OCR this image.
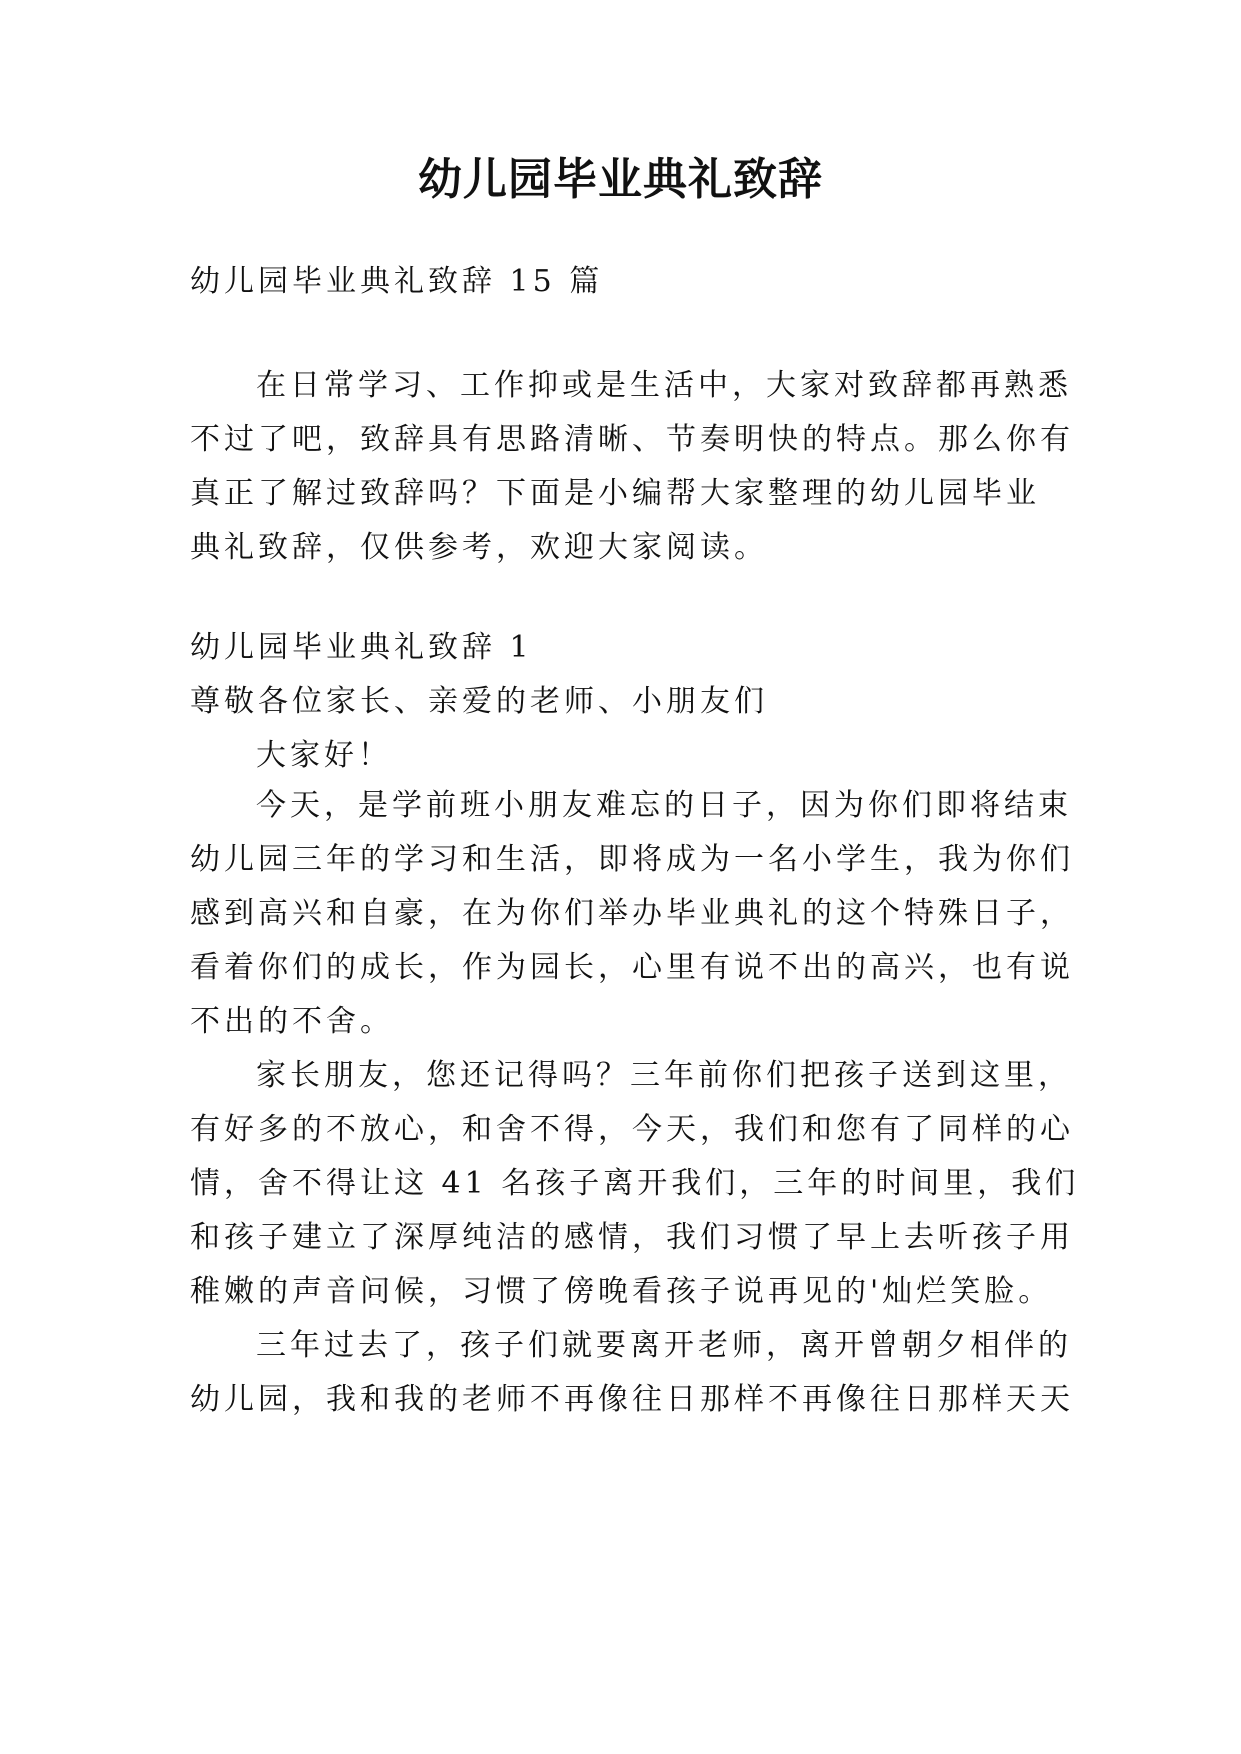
幼儿园毕业典礼致辞
幼儿园毕业典礼致辞 15 篇
在日常学习、工作抑或是生活中，大家对致辞都再熟悉
不过了吧，致辞具有思路清晰、节奏明快的特点。那么你有
真正了解过致辞吗？下面是小编帮大家整理的幼儿园毕业
典礼致辞，仅供参考，欢迎大家阅读。
幼儿园毕业典礼致辞 1
尊敬各位家长、亲爱的老师、小朋友们
大家好！
今天，是学前班小朋友难忘的日子，因为你们即将结束
幼儿园三年的学习和生活，即将成为一名小学生，我为你们
感到高兴和自豪，在为你们举办毕业典礼的这个特殊日子，
看着你们的成长，作为园长，心里有说不出的高兴，也有说
不出的不舍。
家长朋友，您还记得吗？三年前你们把孩子送到这里，
有好多的不放心，和舍不得，今天，我们和您有了同样的心
情，舍不得让这 41 名孩子离开我们，三年的时间里，我们
和孩子建立了深厚纯洁的感情，我们习惯了早上去听孩子用
稚嫩的声音问候，习惯了傍晚看孩子说再见的'灿烂笑脸。
三年过去了，孩子们就要离开老师，离开曾朝夕相伴的
幼儿园，我和我的老师不再像往日那样不再像往日那样天天
